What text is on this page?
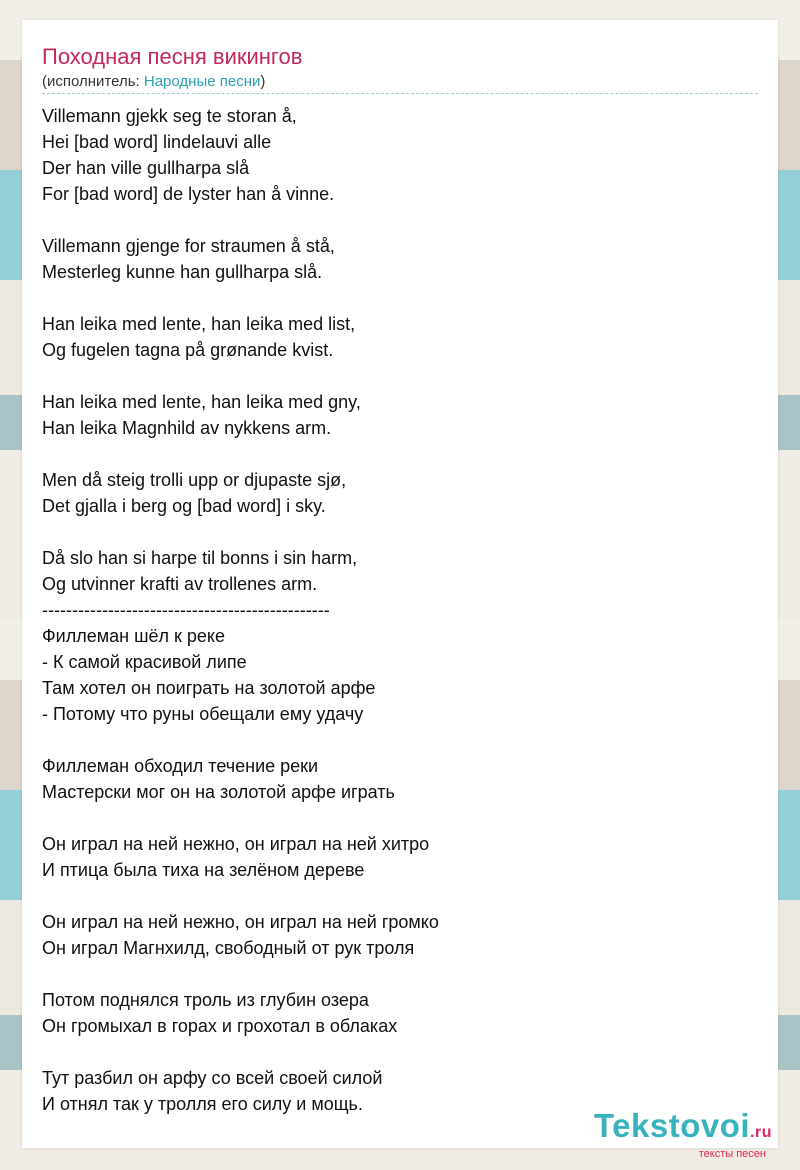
Походная песня викингов
(исполнитель: Народные песни)
Villemann gjekk seg te storan å,
Hei [bad word] lindelauvi alle
Der han ville gullharpa slå
For [bad word] de lyster han å vinne.
Villemann gjenge for straumen å stå,
Mesterleg kunne han gullharpa slå.
Han leika med lente, han leika med list,
Og fugelen tagna på grønande kvist.
Han leika med lente, han leika med gny,
Han leika Magnhild av nykkens arm.
Men då steig trolli upp or djupaste sjø,
Det gjalla i berg og [bad word] i sky.
Då slo han si harpe til bonns i sin harm,
Og utvinner krafti av trollenes arm.
------------------------------------------------
Филлеман шёл к реке
- К самой красивой липе
Там хотел он поиграть на золотой арфе
- Потому что руны обещали ему удачу
Филлеман обходил течение реки
Мастерски мог он на золотой арфе играть
Он играл на ней нежно, он играл на ней хитро
И птица была тиха на зелёном дереве
Он играл на ней нежно, он играл на ней громко
Он играл Магнхилд, свободный от рук троля
Потом поднялся троль из глубин озера
Он громыхал в горах и грохотал в облаках
Тут разбил он арфу со всей своей силой
И отнял так у тролля его силу и мощь.
Tekstovoi.ru
тексты песен
